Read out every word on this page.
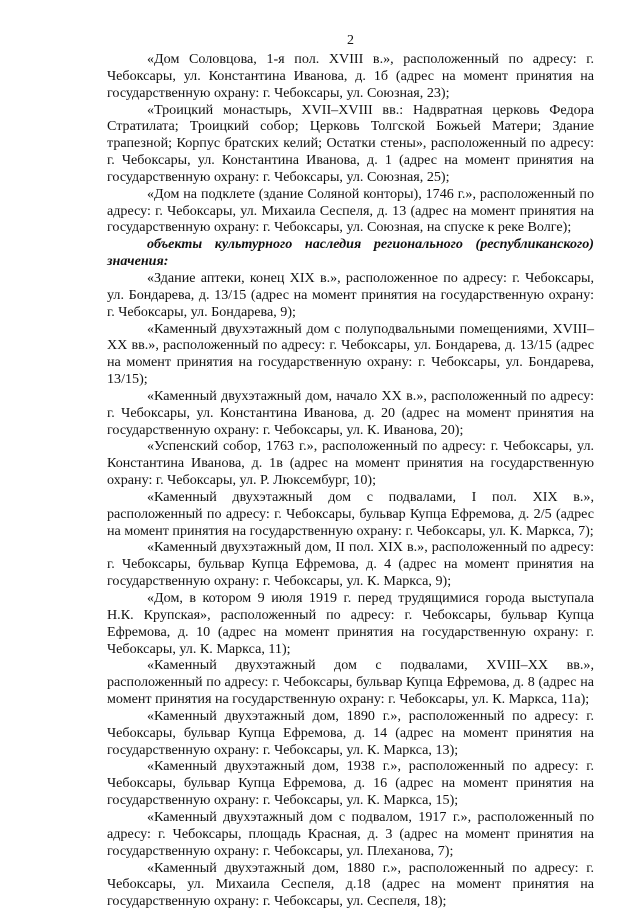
2

«Дом Соловцова, 1-я пол. XVIII в.», расположенный по адресу: г. Чебоксары, ул. Константина Иванова, д. 1б (адрес на момент принятия на государственную охрану: г. Чебоксары, ул. Союзная, 23);

«Троицкий монастырь, XVII–XVIII вв.: Надвратная церковь Федора Стратилата; Троицкий собор; Церковь Толгской Божьей Матери; Здание трапезной; Корпус братских келий; Остатки стены», расположенный по адресу: г. Чебоксары, ул. Константина Иванова, д. 1 (адрес на момент принятия на государственную охрану: г. Чебоксары, ул. Союзная, 25);

«Дом на подклете (здание Соляной конторы), 1746 г.», расположенный по адресу: г. Чебоксары, ул. Михаила Сеспеля, д. 13 (адрес на момент принятия на государственную охрану: г. Чебоксары, ул. Союзная, на спуске к реке Волге);

объекты культурного наследия регионального (республиканского) значения:

«Здание аптеки, конец XIX в.», расположенное по адресу: г. Чебоксары, ул. Бондарева, д. 13/15 (адрес на момент принятия на государственную охрану: г. Чебоксары, ул. Бондарева, 9);

«Каменный двухэтажный дом с полуподвальными помещениями, XVIII–XX вв.», расположенный по адресу: г. Чебоксары, ул. Бондарева, д. 13/15 (адрес на момент принятия на государственную охрану: г. Чебоксары, ул. Бондарева, 13/15);

«Каменный двухэтажный дом, начало XX в.», расположенный по адресу: г. Чебоксары, ул. Константина Иванова, д. 20 (адрес на момент принятия на государственную охрану: г. Чебоксары, ул. К. Иванова, 20);

«Успенский собор, 1763 г.», расположенный по адресу: г. Чебоксары, ул. Константина Иванова, д. 1в (адрес на момент принятия на государственную охрану: г. Чебоксары, ул. Р. Люксембург, 10);

«Каменный двухэтажный дом с подвалами, I пол. XIX в.», расположенный по адресу: г. Чебоксары, бульвар Купца Ефремова, д. 2/5 (адрес на момент принятия на государственную охрану: г. Чебоксары, ул. К. Маркса, 7);

«Каменный двухэтажный дом, II пол. XIX в.», расположенный по адресу: г. Чебоксары, бульвар Купца Ефремова, д. 4 (адрес на момент принятия на государственную охрану: г. Чебоксары, ул. К. Маркса, 9);

«Дом, в котором 9 июля 1919 г. перед трудящимися города выступала Н.К. Крупская», расположенный по адресу: г. Чебоксары, бульвар Купца Ефремова, д. 10 (адрес на момент принятия на государственную охрану: г. Чебоксары, ул. К. Маркса, 11);

«Каменный двухэтажный дом с подвалами, XVIII–XX вв.», расположенный по адресу: г. Чебоксары, бульвар Купца Ефремова, д. 8 (адрес на момент принятия на государственную охрану: г. Чебоксары, ул. К. Маркса, 11а);

«Каменный двухэтажный дом, 1890 г.», расположенный по адресу: г. Чебоксары, бульвар Купца Ефремова, д. 14 (адрес на момент принятия на государственную охрану: г. Чебоксары, ул. К. Маркса, 13);

«Каменный двухэтажный дом, 1938 г.», расположенный по адресу: г. Чебоксары, бульвар Купца Ефремова, д. 16 (адрес на момент принятия на государственную охрану: г. Чебоксары, ул. К. Маркса, 15);

«Каменный двухэтажный дом с подвалом, 1917 г.», расположенный по адресу: г. Чебоксары, площадь Красная, д. 3 (адрес на момент принятия на государственную охрану: г. Чебоксары, ул. Плеханова, 7);

«Каменный двухэтажный дом, 1880 г.», расположенный по адресу: г. Чебоксары, ул. Михаила Сеспеля, д.18 (адрес на момент принятия на государственную охрану: г. Чебоксары, ул. Сеспеля, 18);
